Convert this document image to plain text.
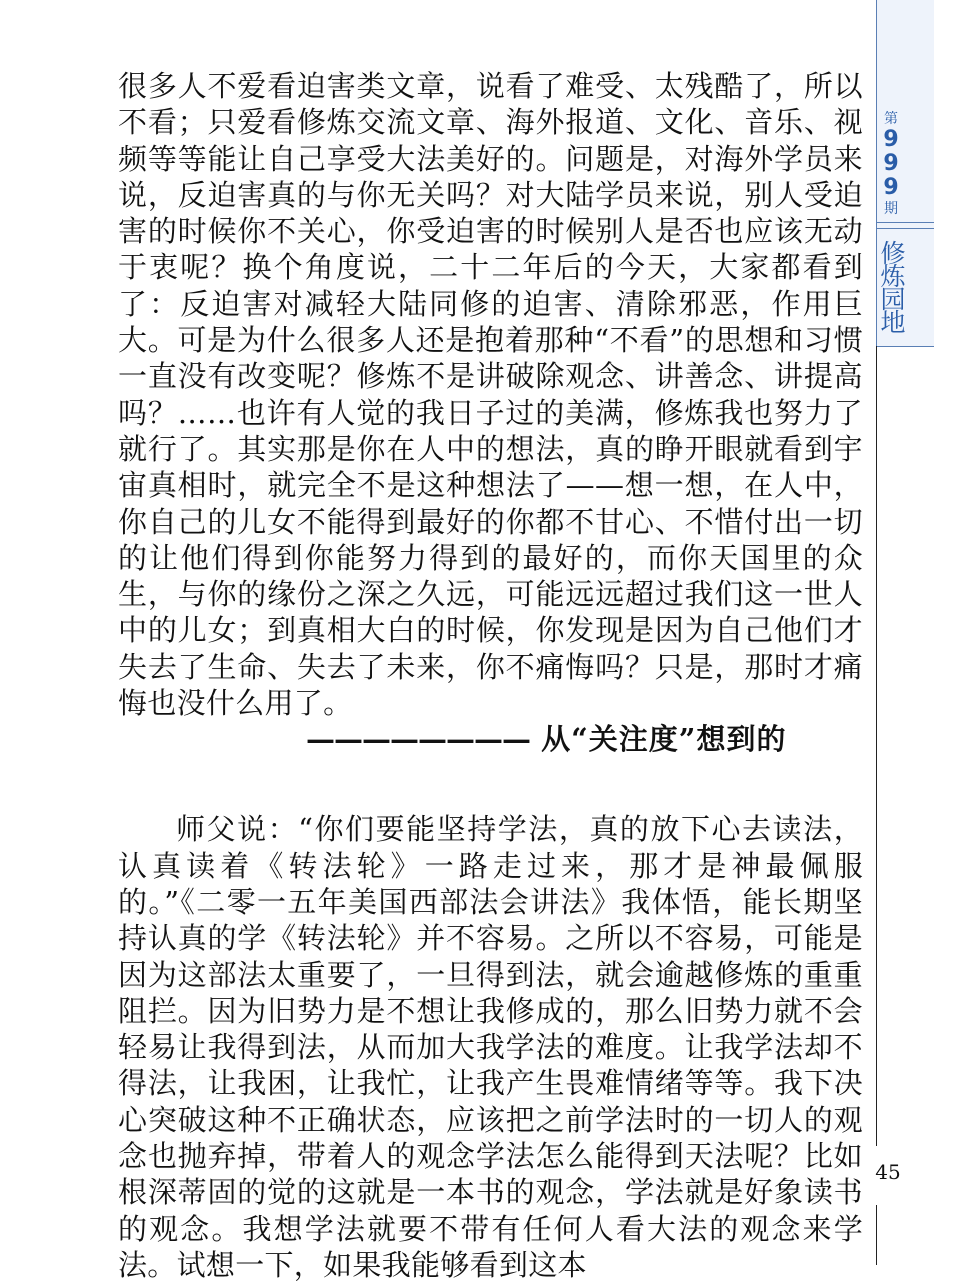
第
9
9
9
期
修
炼
园
地

很多人不爱看迫害类文章，说看了难受、太残酷了，所以不看；只爱看修炼交流文章、海外报道、文化、音乐、视频等等能让自己享受大法美好的。问题是，对海外学员来说，反迫害真的与你无关吗？对大陆学员来说，别人受迫害的时候你不关心，你受迫害的时候别人是否也应该无动于衷呢？换个角度说，二十二年后的今天，大家都看到了：反迫害对减轻大陆同修的迫害、清除邪恶，作用巨大。可是为什么很多人还是抱着那种“不看”的思想和习惯一直没有改变呢？修炼不是讲破除观念、讲善念、讲提高吗？……也许有人觉的我日子过的美满，修炼我也努力了就行了。其实那是你在人中的想法，真的睁开眼就看到宇宙真相时，就完全不是这种想法了——想一想，在人中，你自己的儿女不能得到最好的你都不甘心、不惜付出一切的让他们得到你能努力得到的最好的，而你天国里的众生，与你的缘份之深之久远，可能远远超过我们这一世人中的儿女；到真相大白的时候，你发现是因为自己他们才失去了生命、失去了未来，你不痛悔吗？只是，那时才痛悔也没什么用了。

———————— 从“关注度”想到的

师父说：“你们要能坚持学法，真的放下心去读法，认真读着《转法轮》一路走过来，那才是神最佩服的。”《二零一五年美国西部法会讲法》我体悟，能长期坚持认真的学《转法轮》并不容易。之所以不容易，可能是因为这部法太重要了，一旦得到法，就会逾越修炼的重重阻拦。因为旧势力是不想让我修成的，那么旧势力就不会轻易让我得到法，从而加大我学法的难度。让我学法却不得法，让我困，让我忙，让我产生畏难情绪等等。我下决心突破这种不正确状态，应该把之前学法时的一切人的观念也抛弃掉，带着人的观念学法怎么能得到天法呢？比如根深蒂固的觉的这就是一本书的观念，学法就是好象读书的观念。我想学法就要不带有任何人看大法的观念来学法。试想一下，如果我能够看到这本

45
